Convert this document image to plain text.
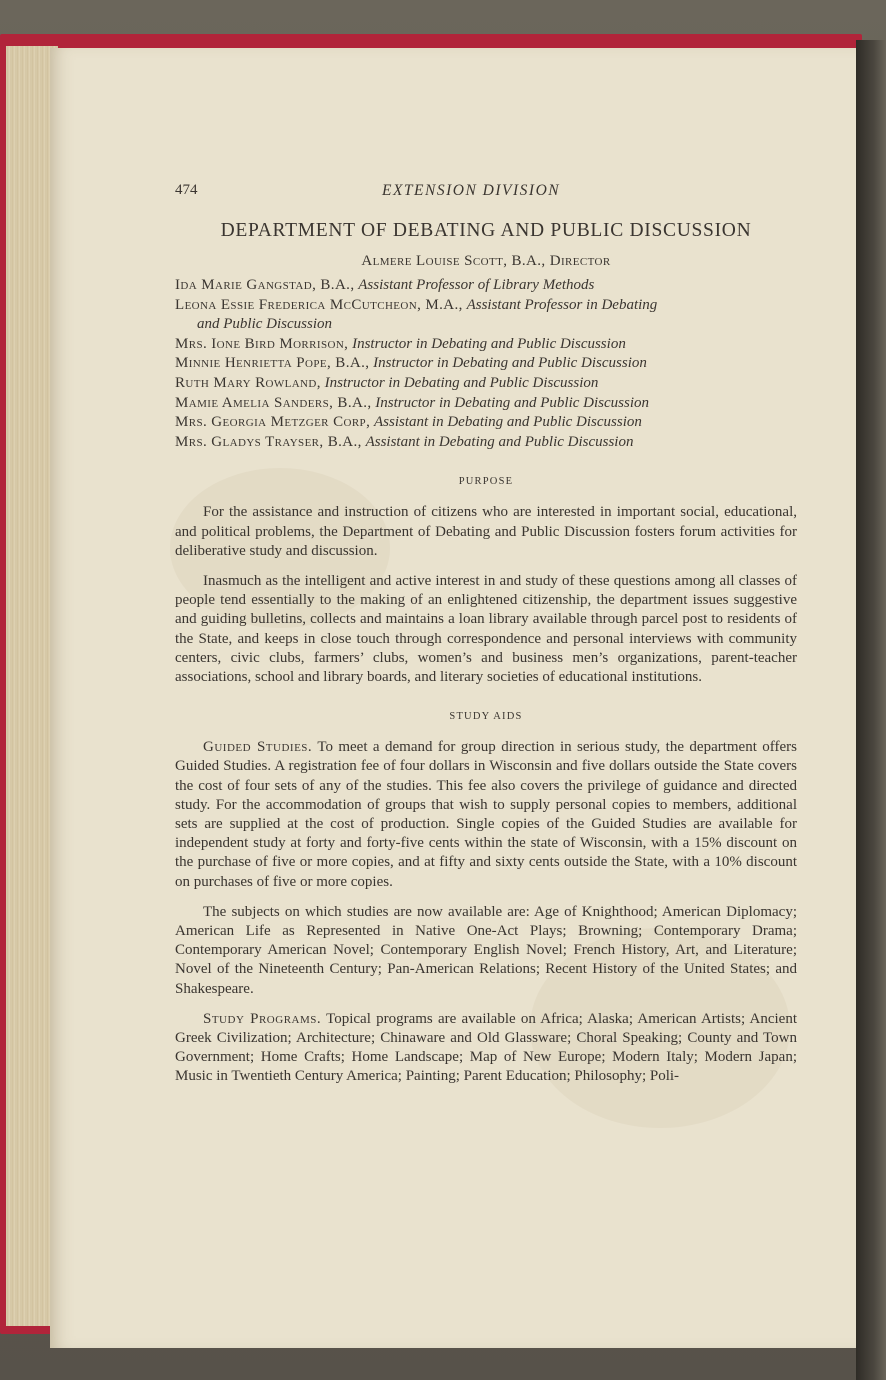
474	EXTENSION DIVISION
DEPARTMENT OF DEBATING AND PUBLIC DISCUSSION
Almere Louise Scott, B.A., Director
Ida Marie Gangstad, B.A., Assistant Professor of Library Methods
Leona Essie Frederica McCutcheon, M.A., Assistant Professor in Debating
and Public Discussion
Mrs. Ione Bird Morrison, Instructor in Debating and Public Discussion
Minnie Henrietta Pope, B.A., Instructor in Debating and Public Discussion
Ruth Mary Rowland, Instructor in Debating and Public Discussion
Mamie Amelia Sanders, B.A., Instructor in Debating and Public Discussion
Mrs. Georgia Metzger Corp, Assistant in Debating and Public Discussion
Mrs. Gladys Trayser, B.A., Assistant in Debating and Public Discussion
PURPOSE

For the assistance and instruction of citizens who are interested in important social, educational, and political problems, the Department of Debating and Public Discussion fosters forum activities for deliberative study and discussion.

Inasmuch as the intelligent and active interest in and study of these questions among all classes of people tend essentially to the making of an enlightened citizenship, the department issues suggestive and guiding bulletins, collects and maintains a loan library available through parcel post to residents of the State, and keeps in close touch through correspondence and personal interviews with community centers, civic clubs, farmers’ clubs, women’s and business men’s organizations, parent-teacher associations, school and library boards, and literary societies of educational institutions.

STUDY AIDS

Guided Studies. To meet a demand for group direction in serious study, the department offers Guided Studies. A registration fee of four dollars in Wisconsin and five dollars outside the State covers the cost of four sets of any of the studies. This fee also covers the privilege of guidance and directed study. For the accommodation of groups that wish to supply personal copies to members, additional sets are supplied at the cost of production. Single copies of the Guided Studies are available for independent study at forty and forty-five cents within the state of Wisconsin, with a 15% discount on the purchase of five or more copies, and at fifty and sixty cents outside the State, with a 10% discount on purchases of five or more copies.

The subjects on which studies are now available are: Age of Knighthood; American Diplomacy; American Life as Represented in Native One-Act Plays; Browning; Contemporary Drama; Contemporary American Novel; Contemporary English Novel; French History, Art, and Literature; Novel of the Nineteenth Century; Pan-American Relations; Recent History of the United States; and Shakespeare.

Study Programs. Topical programs are available on Africa; Alaska; American Artists; Ancient Greek Civilization; Architecture; Chinaware and Old Glassware; Choral Speaking; County and Town Government; Home Crafts; Home Landscape; Map of New Europe; Modern Italy; Modern Japan; Music in Twentieth Century America; Painting; Parent Education; Philosophy; Poli-
